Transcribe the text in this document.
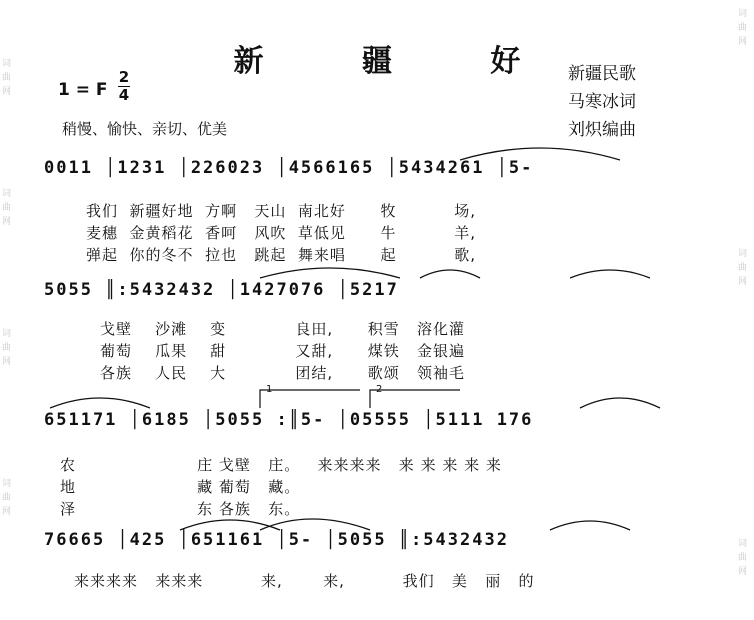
词
曲
网
词
曲
网
词
曲
网
词
曲
网
词
曲
网
词
曲
网
词
曲
网
新 疆 好 新疆民歌
马寒冰词
刘炽编曲
1 = F
2
4
稍慢、愉快、亲切、优美
0011 │1231 │226023 │4566165 │5434261 │5-
我们  新疆好地  方啊   天山  南北好      牧          场,
麦穗  金黄稻花  香呵   风吹  草低见      牛          羊,
弹起  你的冬不  拉也   跳起  舞来唱      起          歌,
5055 ║:5432432 │1427076 │5217
戈壁    沙滩    变            良田,      积雪   溶化灌
葡萄    瓜果    甜            又甜,      煤铁   金银遍
各族    人民    大            团结,      歌颂   领袖毛
1	2
651171 │6185 │5055 :║5- │05555 │5111 176
农                     庄 戈壁   庄。   来来来来   来 来 来 来 来
地                     藏 葡萄   藏。
泽                     东 各族   东。
76665 │425 │651161 │5- │5055 ║:5432432
来来来来   来来来          来,       来,          我们   美   丽   的
